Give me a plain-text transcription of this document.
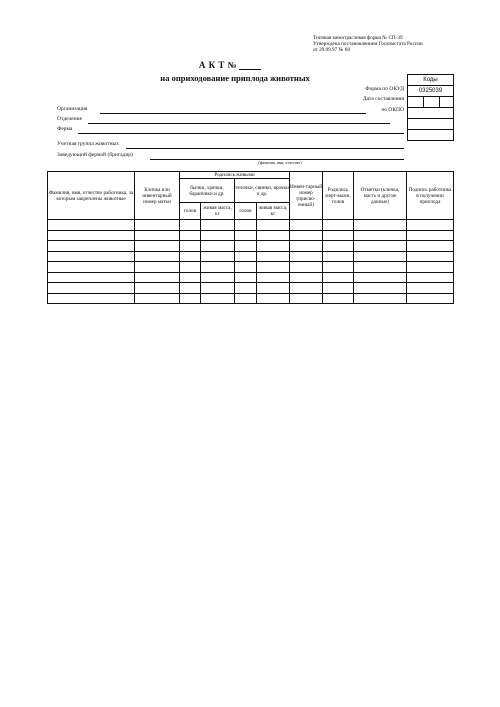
Типовая межотраслевая форма № СП-39
Утверждена постановлением Госкомстата России
от 29.09.97 № 68
А К Т №
на оприходование приплода животных	Коды
0325039

Форма по ОКУД
Дата составления
по ОКПО
Организация
Отделение
Ферма
Учетная группа животных
Заведующий фермой (бригадир)
(фамилия, имя, отчество)
Фамилия, имя, отчество работника, за которым закреплены животные	Кличка или инвентарный номер матки	Родились живыми				Инвен-тарный номер (присво-енный)	Родились мерт-выми, голов	Отметки (кличка, масть и другие данные)	Подпись работника в получении приплода
		бычки, хрячки, баранчики и др.		телочки, свинки, ярочки и др.					
		голов	живая масса, кг	голов	живая масса, кг				
